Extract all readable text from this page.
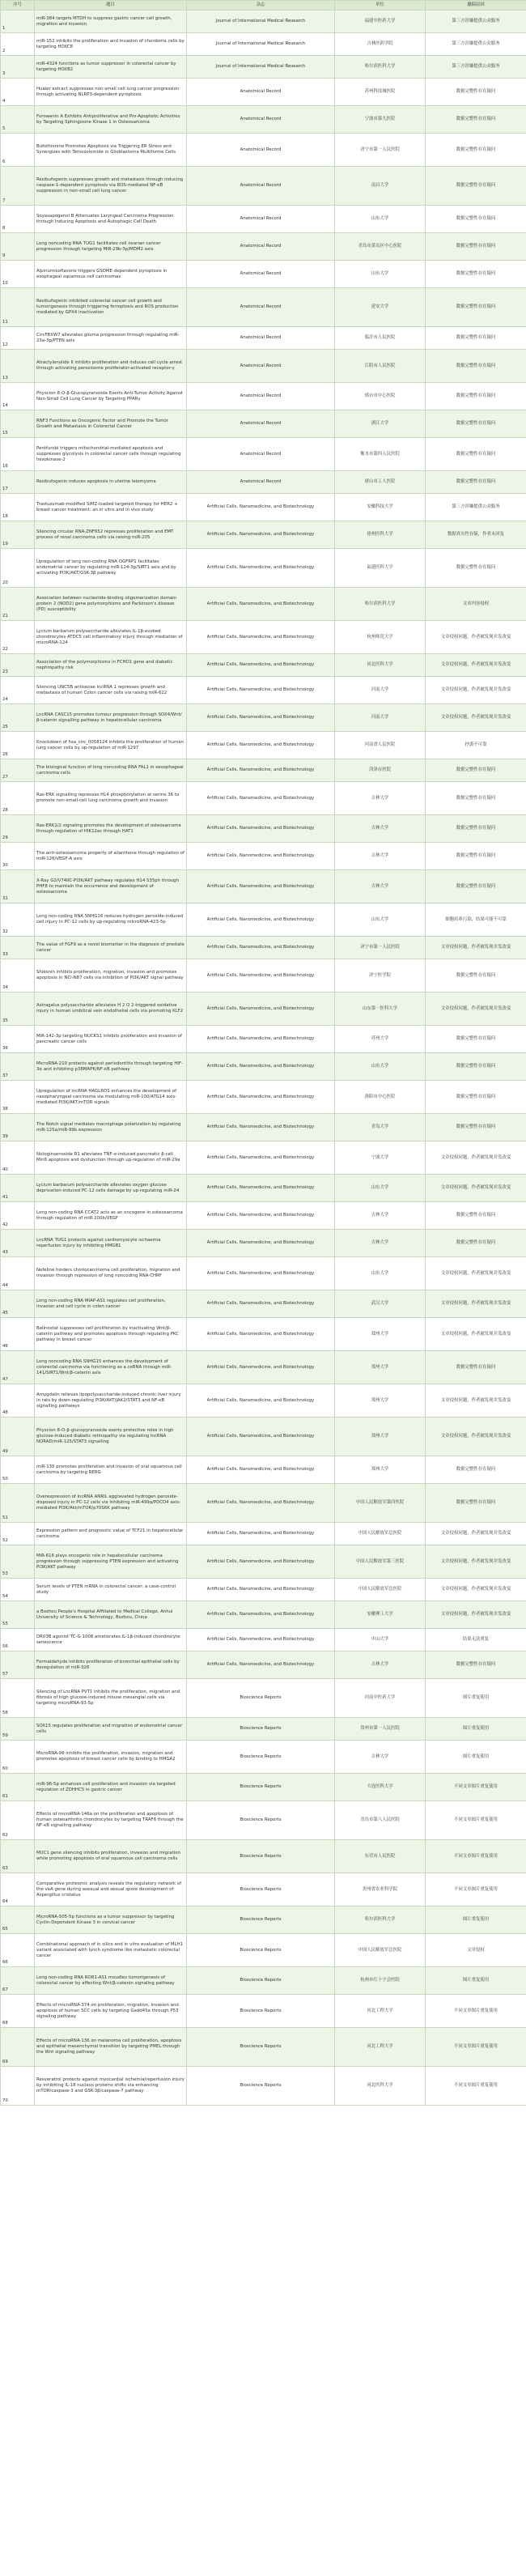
序号	题目	杂志	单位	撤稿原因
1	miR-384 targets MTDH to suppress gastric cancer cell growth, migration and invasion	Journal of International Medical Research	福建中医药大学	第三方涉嫌提供公众服务
2	miR-152 inhibits the proliferation and invasion of chordoma cells by targeting HOXC8	Journal of International Medical Research	吉林医药学院	第三方涉嫌提供公众服务
3	miR-4324 functions as tumor suppressor in colorectal cancer by targeting HOXB2	Journal of International Medical Research	哈尔滨医科大学	第三方涉嫌提供公众服务
4	Huaier extract suppresses non-small cell lung cancer progression through activating NLRP3-dependent pyroptosis	Anatomical Record	苏州科技城医院	数据完整性存在疑问
5	Furowanin A Exhibits Antiproliferative and Pro-Apoptotic Activities by Targeting Sphingosine Kinase 1 in Osteosarcoma	Anatomical Record	宁波市第九医院	数据完整性存在疑问
6	Bufothionine Promotes Apoptosis via Triggering ER Stress and Synergizes with Temozolomide in Glioblastoma Multiforme Cells	Anatomical Record	济宁市第一人民医院	数据完整性存在疑问
7	Resibufogenin suppresses growth and metastasis through inducing caspase-1-dependent pyroptosis via ROS-mediated NF-κB suppression in non-small cell lung cancer	Anatomical Record	南昌大学	数据完整性存在疑问
8	Soyasapogenol B Attenuates Laryngeal Carcinoma Progression through Inducing Apoptosis and Autophagic Cell Death	Anatomical Record	山东大学	数据完整性存在疑问
9	Long noncoding RNA TUG1 facilitates cell ovarian cancer progression through targeting MiR-29b-3p/MDM2 axis	Anatomical Record	青岛市黄岛区中心医院	数据完整性存在疑问
10	Alpinumisoflavone triggers GSDME-dependent pyroptosis in esophageal squamous cell carcinomas	Anatomical Record	山东大学	数据完整性存在疑问
11	Resibufogenin inhibited colorectal cancer cell growth and tumorigenesis through triggering ferroptosis and ROS production mediated by GPX4 inactivation	Anatomical Record	延安大学	数据完整性存在疑问
12	CircFBXW7 alleviates glioma progression through regulating miR-23a-3p/PTEN axis	Anatomical Record	临沂市人民医院	数据完整性存在疑问
13	Atractylenolide II inhibits proliferation and induces cell cycle arrest through activating peroxisome proliferator-activated receptor-γ	Anatomical Record	江阴市人民医院	数据完整性存在疑问
14	Physcion 8-O-β-Glucopyranoside Exerts Anti-Tumor Activity Against Non-Small Cell Lung Cancer by Targeting PPARγ	Anatomical Record	邢台市中心医院	数据完整性存在疑问
15	RNF3 Functions as Oncogenic Factor and Promote the Tumor Growth and Metastasis in Colorectal Cancer	Anatomical Record	浙江大学	数据完整性存在疑问
16	Pentfurobi triggers mitochondrial-mediated apoptosis and suppresses glycolysis in colorectal cancer cells through regulating hexokinase-2	Anatomical Record	衡水市第四人民医院	数据完整性存在疑问
17	Resibufogenin induces apoptosis in uterine leiomyoma	Anatomical Record	唐山市工人医院	数据完整性存在疑问
18	Trastuzumab-modified SIMZ-loaded targeted therapy for HER2 + breast cancer treatment: an in vitro and in vivo study	Artificial Cells, Nanomedicine, and Biotechnology	安徽科技大学	第三方涉嫌提供公众服务
19	Silencing circular RNA-ZNF652 represses proliferation and EMT process of renal carcinoma cells via raising miR-205	Artificial Cells, Nanomedicine, and Biotechnology	徐州医科大学	数据真实性存疑，作者未回复
20	Upregulation of long non-coding RNA OGFRP1 facilitates endometrial cancer by regulating miR-124-3p/SIRT1 axis and by activating PI3K/AKT/GSK-3β pathway	Artificial Cells, Nanomedicine, and Biotechnology	福建医科大学	数据完整性存在疑问
21	Association between nucleotide-binding oligomerization domain protein 2 (NOD2) gene polymorphisms and Parkinson's disease (PD) susceptibility	Artificial Cells, Nanomedicine, and Biotechnology	哈尔滨医科大学	文章内容侵权
22	Lycium barbarum polysaccharide alleviates IL-1β-evoked chondrocytes ATDC5 cell inflammatory injury through mediation of microRNA-124	Artificial Cells, Nanomedicine, and Biotechnology	杭州师范大学	文章侵权问题，作者被发现并发改变
23	Association of the polymorphisms in FCHO1 gene and diabetic nephropathy risk	Artificial Cells, Nanomedicine, and Biotechnology	河北医科大学	文章侵权问题，作者被发现并发改变
24	Silencing UNC5B antisense lncRNA 1 represses growth and metastasis of human Colon cancer cells via raising miR-622	Artificial Cells, Nanomedicine, and Biotechnology	河南大学	文章侵权问题，作者被发现并发改变
25	LncRNA CASC15 promotes tumour progression through SOX4/Wnt/β-catenin signalling pathway in hepatocellular carcinoma	Artificial Cells, Nanomedicine, and Biotechnology	河南大学	文章侵权问题，作者被发现并发改变
26	Knockdown of hsa_circ_0058124 inhibits the proliferation of human lung cancer cells by up-regulation of miR-1297	Artificial Cells, Nanomedicine, and Biotechnology	河南省人民医院	抄袭不可靠
27	The biological function of long noncoding RNA FAL1 in oesophageal carcinoma cells	Artificial Cells, Nanomedicine, and Biotechnology	菏泽市医院	数据完整性存在疑问
28	Ras-ERK signalling represses HL4 phosphorylation at serine 36 to promote non-small-cell lung carcinoma growth and invasion	Artificial Cells, Nanomedicine, and Biotechnology	吉林大学	数据完整性存在疑问
29	Ras-ERK1/2 signaling promotes the development of osteosarcoma through regulation of HIK12ac through HAT1	Artificial Cells, Nanomedicine, and Biotechnology	吉林大学	数据完整性存在疑问
30	The anti-osteosarcoma property of ailanthone through regulation of miR-126/VEGF-A axis	Artificial Cells, Nanomedicine, and Biotechnology	吉林大学	数据完整性存在疑问
31	X-Ray G2/V74IIC-PI3K/AKT pathway regulates H14 S35ph through PHF8 to maintain the occurrence and development of osteosarcoma	Artificial Cells, Nanomedicine, and Biotechnology	吉林大学	数据完整性存在疑问
32	Long non-coding RNA SNHG16 reduces hydrogen peroxide-induced cell injury in PC-12 cells by up-regulating microRNA-423-5p	Artificial Cells, Nanomedicine, and Biotechnology	山东大学	细胞培养污染，结果可能不可靠
33	The value of FGF9 as a novel biomarker in the diagnosis of prostate cancer	Artificial Cells, Nanomedicine, and Biotechnology	济宁市第一人民医院	文章侵权问题，作者被发现并发改变
34	Shikonin inhibits proliferation, migration, invasion and promotes apoptosis in NCI-N87 cells via inhibition of PI3K/AKT signal pathway	Artificial Cells, Nanomedicine, and Biotechnology	济宁医学院	数据完整性存在疑问
35	Astragalus polysaccharide alleviates H 2 O 2-triggered oxidative injury in human umbilical vein endothelial cells via promoting KLF2	Artificial Cells, Nanomedicine, and Biotechnology	山东第一医科大学	文章侵权问题，作者被发现并发改变
36	MiR-142-3p targeting NUCKS1 inhibits proliferation and invasion of pancreatic cancer cells	Artificial Cells, Nanomedicine, and Biotechnology	苏州大学	数据完整性存在疑问
37	MicroRNA-210 protects against periodontitis through targeting HIF-3α and inhibiting p38MAPK/NF-κB pathway	Artificial Cells, Nanomedicine, and Biotechnology	山东大学	数据完整性存在疑问
38	Upregulation of lncRNA HAGLROS enhances the development of nasopharyngeal carcinoma via modulating miR-100/ATG14 axis-mediated PI3K/AKT/mTOR signals	Artificial Cells, Nanomedicine, and Biotechnology	洛阳市中心医院	数据完整性存在疑问
39	The Notch signal mediates macrophage polarization by regulating miR-125a/miR-99b expression	Artificial Cells, Nanomedicine, and Biotechnology	青岛大学	数据完整性存在疑问
40	Notoginsenoside R1 alleviates TNF-α-induced pancreatic β-cell Min6 apoptosis and dysfunction through up-regulation of miR-29a	Artificial Cells, Nanomedicine, and Biotechnology	宁波大学	文章侵权问题，作者被发现并发改变
41	Lycium barbarum polysaccharide alleviates oxygen glucose deprivation-induced PC-12 cells damage by up-regulating miR-24	Artificial Cells, Nanomedicine, and Biotechnology	山东大学	文章侵权问题，作者被发现并发改变
42	Long non-coding RNA CCAT2 acts as an oncogene in osteosarcoma through regulation of miR-200b/VEGF	Artificial Cells, Nanomedicine, and Biotechnology	吉林大学	数据完整性存在疑问
43	LncRNA TUG1 protects against cardiomyocyte ischaemia reperfusion injury by inhibiting HMGB1	Artificial Cells, Nanomedicine, and Biotechnology	吉林大学	数据完整性存在疑问
44	Nefeline hinders choriocarcinoma cell proliferation, migration and invasion through repression of long noncoding RNA-CHRF	Artificial Cells, Nanomedicine, and Biotechnology	山东大学	文章侵权问题，作者被发现并发改变
45	Long non-coding RNA MIAP-AS1 regulates cell proliferation, invasion and cell cycle in colon cancer	Artificial Cells, Nanomedicine, and Biotechnology	武汉大学	文章侵权问题，作者被发现并发改变
46	Belinostat suppresses cell proliferation by inactivating Wnt/β-catenin pathway and promotes apoptosis through regulating PKC pathway in breast cancer	Artificial Cells, Nanomedicine, and Biotechnology	郑州大学	文章侵权问题，作者被发现并发改变
47	Long noncoding RNA SNHG15 enhances the development of colorectal carcinoma via functioning as a ceRNA through miR-141/SIRT1/Wnt/β-catenin axis	Artificial Cells, Nanomedicine, and Biotechnology	郑州大学	数据完整性存在疑问
48	Amygdalin relieves lipopolysaccharide-induced chronic liver injury in rats by down-regulating PI3K/AKT/JAK2/STAT3 and NF-κB signalling pathways	Artificial Cells, Nanomedicine, and Biotechnology	郑州大学	文章侵权问题，作者被发现并发改变
49	Physcion 8-O-β-glucopyranoside exerts protective roles in high glucose-induced diabetic retinopathy via regulating lncRNA NORAD/miR-125/STAT3 signalling	Artificial Cells, Nanomedicine, and Biotechnology	郑州大学	文章侵权问题，作者被发现并发改变
50	miR-135 promotes proliferation and invasion of oral squamous cell carcinoma by targeting RERG	Artificial Cells, Nanomedicine, and Biotechnology	郑州大学	数据完整性存在疑问
51	Overexpression of lncRNA ANRIL aggravated hydrogen peroxide-disposed injury in PC-12 cells via inhibiting miR-499a/PDCD4 axis-mediated PI3K/Akt/mTOR/p70S6K pathway	Artificial Cells, Nanomedicine, and Biotechnology	中国人民解放军第四医院	数据完整性存在疑问
52	Expression pattern and prognostic value of TCF21 in hepatocellular carcinoma	Artificial Cells, Nanomedicine, and Biotechnology	中国人民解放军总医院	文章侵权问题，作者被发现并发改变
53	MiR-616 plays oncogenic role in hepatocellular carcinoma progression through suppressing PTEN expression and activating PI3K/AKT pathway	Artificial Cells, Nanomedicine, and Biotechnology	中国人民解放军第三医院	文章侵权问题，作者被发现并发改变
54	Serum levels of PTEN mRNA in colorectal cancer: a case-control study	Artificial Cells, Nanomedicine, and Biotechnology	中国人民解放军总医院	文章侵权问题，作者被发现并发改变
55	a Bozhou People's Hospital Affiliated to Medical College, Anhui University of Science & Technology, Bozhou, China	Artificial Cells, Nanomedicine, and Biotechnology	安徽理工大学	文章侵权问题，作者被发现并发改变
56	DR03B agonist TC-G 1008 ameliorates IL-1β-induced chondrocyte senescence	Artificial Cells, Nanomedicine, and Biotechnology	中山大学	结果无法重复
57	Formaldehyde inhibits proliferation of bronchial epithelial cells by deregulation of miR-326	Artificial Cells, Nanomedicine, and Biotechnology	吉林大学	数据完整性存在疑问
58	Silencing of LncRNA PVT1 inhibits the proliferation, migration and fibrosis of high glucose-induced mouse mesangial cells via targeting microRNA-93-5p	Bioscience Reports	河南中医药大学	图片重复使用
59	SOX15 regulates proliferation and migration of endometrial cancer cells	Bioscience Reports	常州市第一人民医院	图片重复使用
60	MicroRNA-98 inhibits the proliferation, invasion, migration and promotes apoptosis of breast cancer cells by binding to HMGA2	Bioscience Reports	吉林大学	图片重复使用
61	miR-96-5p enhances cell proliferation and invasion via targeted regulation of ZDHHC5 in gastric cancer	Bioscience Reports	大连医科大学	不同文章图片重复使用
62	Effects of microRNA-146a on the proliferation and apoptosis of human osteoarthritis chondrocytes by targeting TRAF6 through the NF-κB signalling pathway	Bioscience Reports	青岛市第八人民医院	不同文章图片重复使用
63	MUC1 gene silencing inhibits proliferation, invasion and migration while promoting apoptosis of oral squamous cell carcinoma cells	Bioscience Reports	东营市人民医院	不同文章图片重复使用
64	Comparative proteomic analysis reveals the regulatory network of the veA gene during asexual and sexual spore development of Aspergillus cristatus	Bioscience Reports	贵州省农业科学院	不同文章图片重复使用
65	MicroRNA-505-5p functions as a tumor suppressor by targeting Cyclin-Dependent Kinase 3 in cervical cancer	Bioscience Reports	哈尔滨医科大学	图片重复使用
66	Combinational approach of in silico and in vitro evaluation of MLH1 variant associated with lynch syndrome like metastatic colorectal cancer	Bioscience Reports	中国人民解放军总医院	文章侵权
67	Long non-coding RNA ROR1-AS1 moudles tumorigenesis of colorectal cancer by affecting Wnt/β-catenin signaling pathway	Bioscience Reports	杭州市红十字会医院	图片重复使用
68	Effects of microRNA-374 on proliferation, migration, invasion and apoptosis of human SCC cells by targeting Gadd45a through P53 signaling pathway	Bioscience Reports	河北工程大学	不同文章图片重复使用
69	Effects of microRNA-136 on melanoma cell proliferation, apoptosis and epithelial mesenchymal transition by targeting PMEL through the Wnt signaling pathway	Bioscience Reports	河北工程大学	不同文章图片重复使用
70	Resveratrol protects against myocardial ischemia/reperfusion injury by inhibiting IL-18 nucleus proteins shifts via enhancing mTOR/caspase-3 and GSK-3β/caspase-7 pathway	Bioscience Reports	河北医科大学	不同文章图片重复使用
